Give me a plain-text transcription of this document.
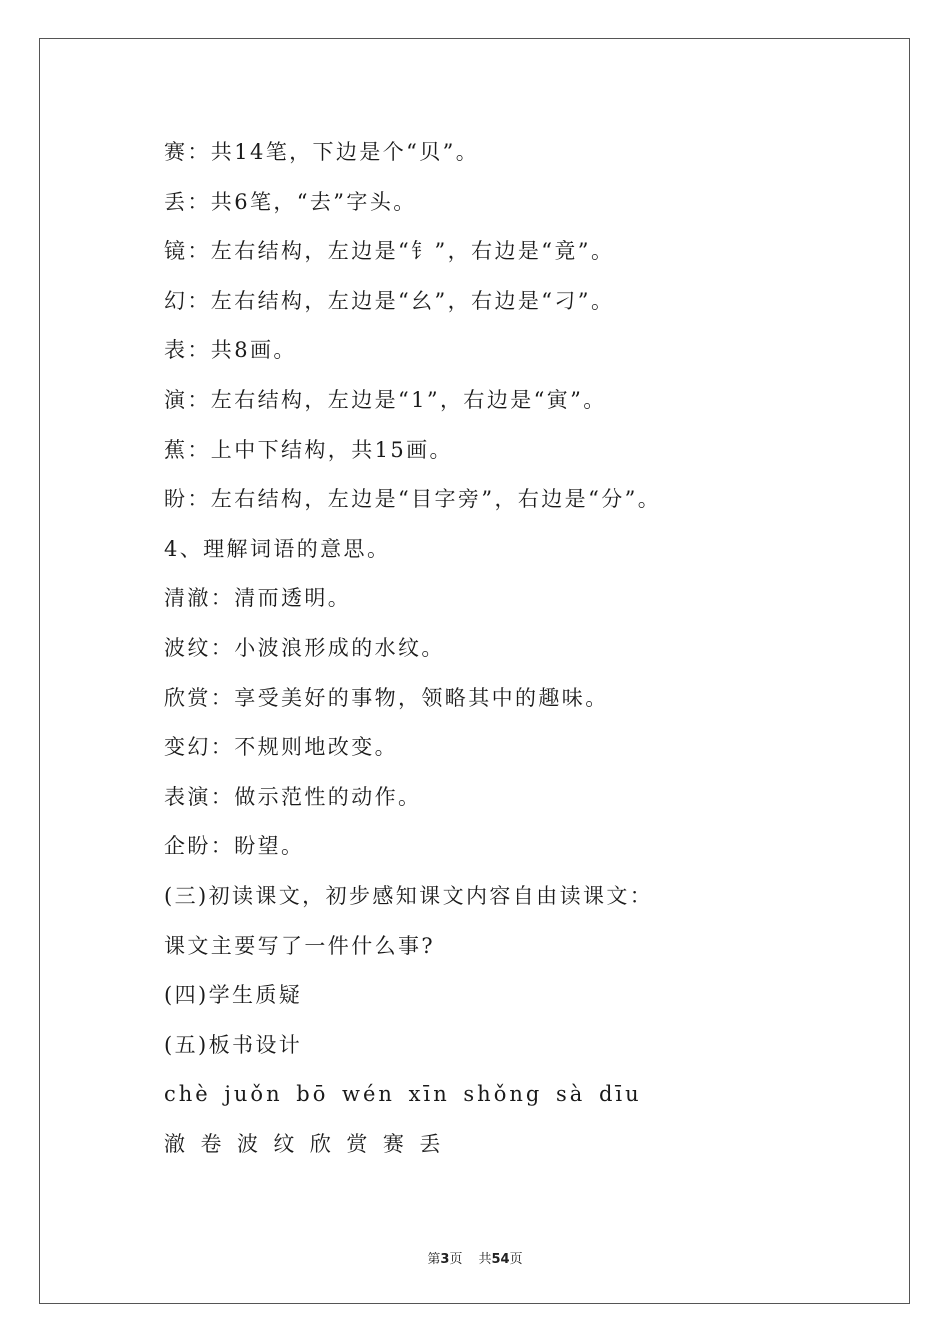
赛：共14笔，下边是个“贝”。
丢：共6笔，“去”字头。
镜：左右结构，左边是“钅”，右边是“竟”。
幻：左右结构，左边是“幺”，右边是“刁”。
表：共8画。
演：左右结构，左边是“1”，右边是“寅”。
蕉：上中下结构，共15画。
盼：左右结构，左边是“目字旁”，右边是“分”。
4、理解词语的意思。
清澈：清而透明。
波纹：小波浪形成的水纹。
欣赏：享受美好的事物，领略其中的趣味。
变幻：不规则地改变。
表演：做示范性的动作。
企盼：盼望。
(三)初读课文，初步感知课文内容自由读课文：
课文主要写了一件什么事?
(四)学生质疑
(五)板书设计
chè juǒn bō wén xīn shǒng sà dīu
澈 卷 波 纹 欣 赏 赛 丢
第3页 共54页
